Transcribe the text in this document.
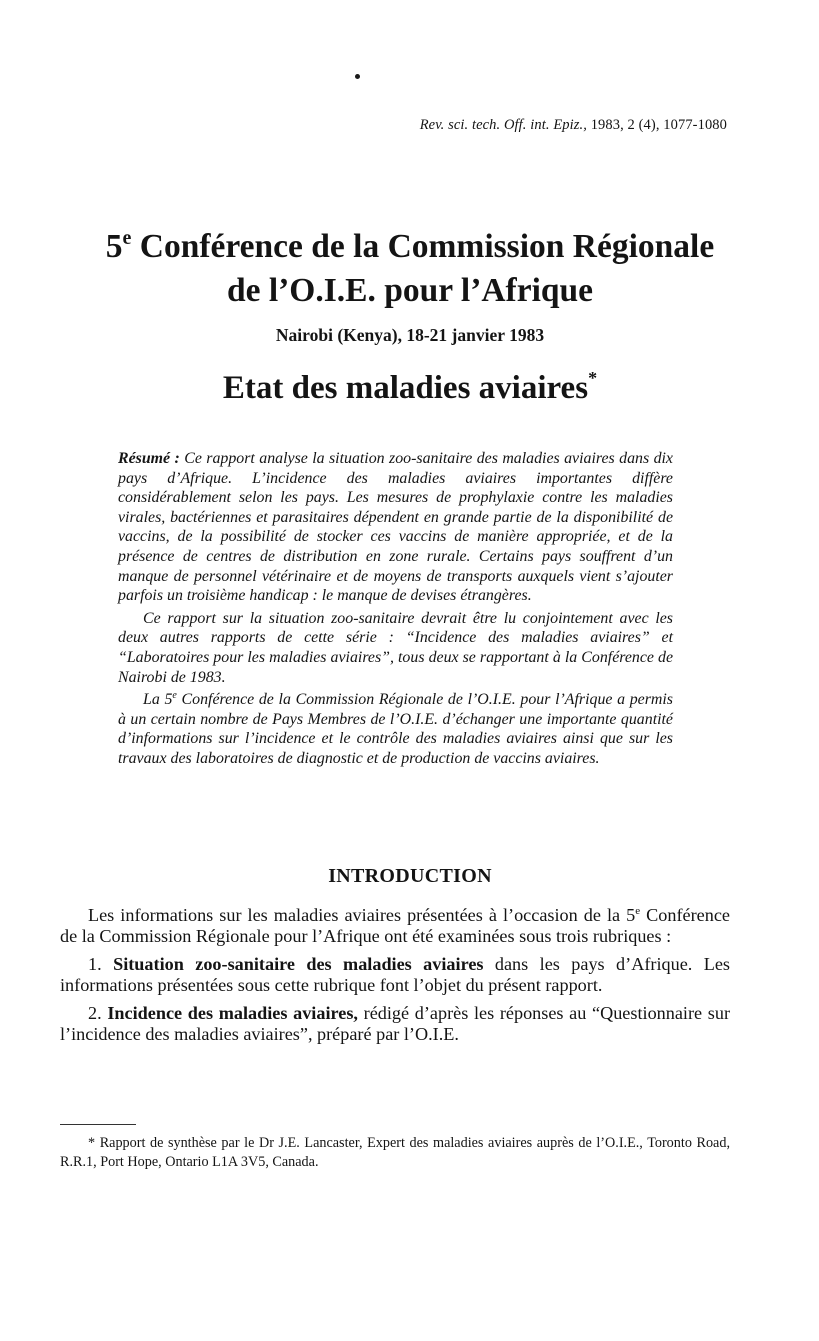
Rev. sci. tech. Off. int. Epiz., 1983, 2 (4), 1077-1080
5e Conférence de la Commission Régionale
de l’O.I.E. pour l’Afrique
Nairobi (Kenya), 18-21 janvier 1983
Etat des maladies aviaires*

Résumé : Ce rapport analyse la situation zoo-sanitaire des maladies aviaires dans dix pays d’Afrique. L’incidence des maladies aviaires importantes diffère considérablement selon les pays. Les mesures de prophylaxie contre les maladies virales, bactériennes et parasitaires dépendent en grande partie de la disponibilité de vaccins, de la possibilité de stocker ces vaccins de manière appropriée, et de la présence de centres de distribution en zone rurale. Certains pays souffrent d’un manque de personnel vétérinaire et de moyens de transports auxquels vient s’ajouter parfois un troisième handicap : le manque de devises étrangères.

Ce rapport sur la situation zoo-sanitaire devrait être lu conjointement avec les deux autres rapports de cette série : “Incidence des maladies aviaires” et “Laboratoires pour les maladies aviaires”, tous deux se rapportant à la Conférence de Nairobi de 1983.

La 5e Conférence de la Commission Régionale de l’O.I.E. pour l’Afrique a permis à un certain nombre de Pays Membres de l’O.I.E. d’échanger une importante quantité d’informations sur l’incidence et le contrôle des maladies aviaires ainsi que sur les travaux des laboratoires de diagnostic et de production de vaccins aviaires.

INTRODUCTION

Les informations sur les maladies aviaires présentées à l’occasion de la 5e Conférence de la Commission Régionale pour l’Afrique ont été examinées sous trois rubriques :

1. Situation zoo-sanitaire des maladies aviaires dans les pays d’Afrique. Les informations présentées sous cette rubrique font l’objet du présent rapport.

2. Incidence des maladies aviaires, rédigé d’après les réponses au “Questionnaire sur l’incidence des maladies aviaires”, préparé par l’O.I.E.

* Rapport de synthèse par le Dr J.E. Lancaster, Expert des maladies aviaires auprès de l’O.I.E., Toronto Road, R.R.1, Port Hope, Ontario L1A 3V5, Canada.
